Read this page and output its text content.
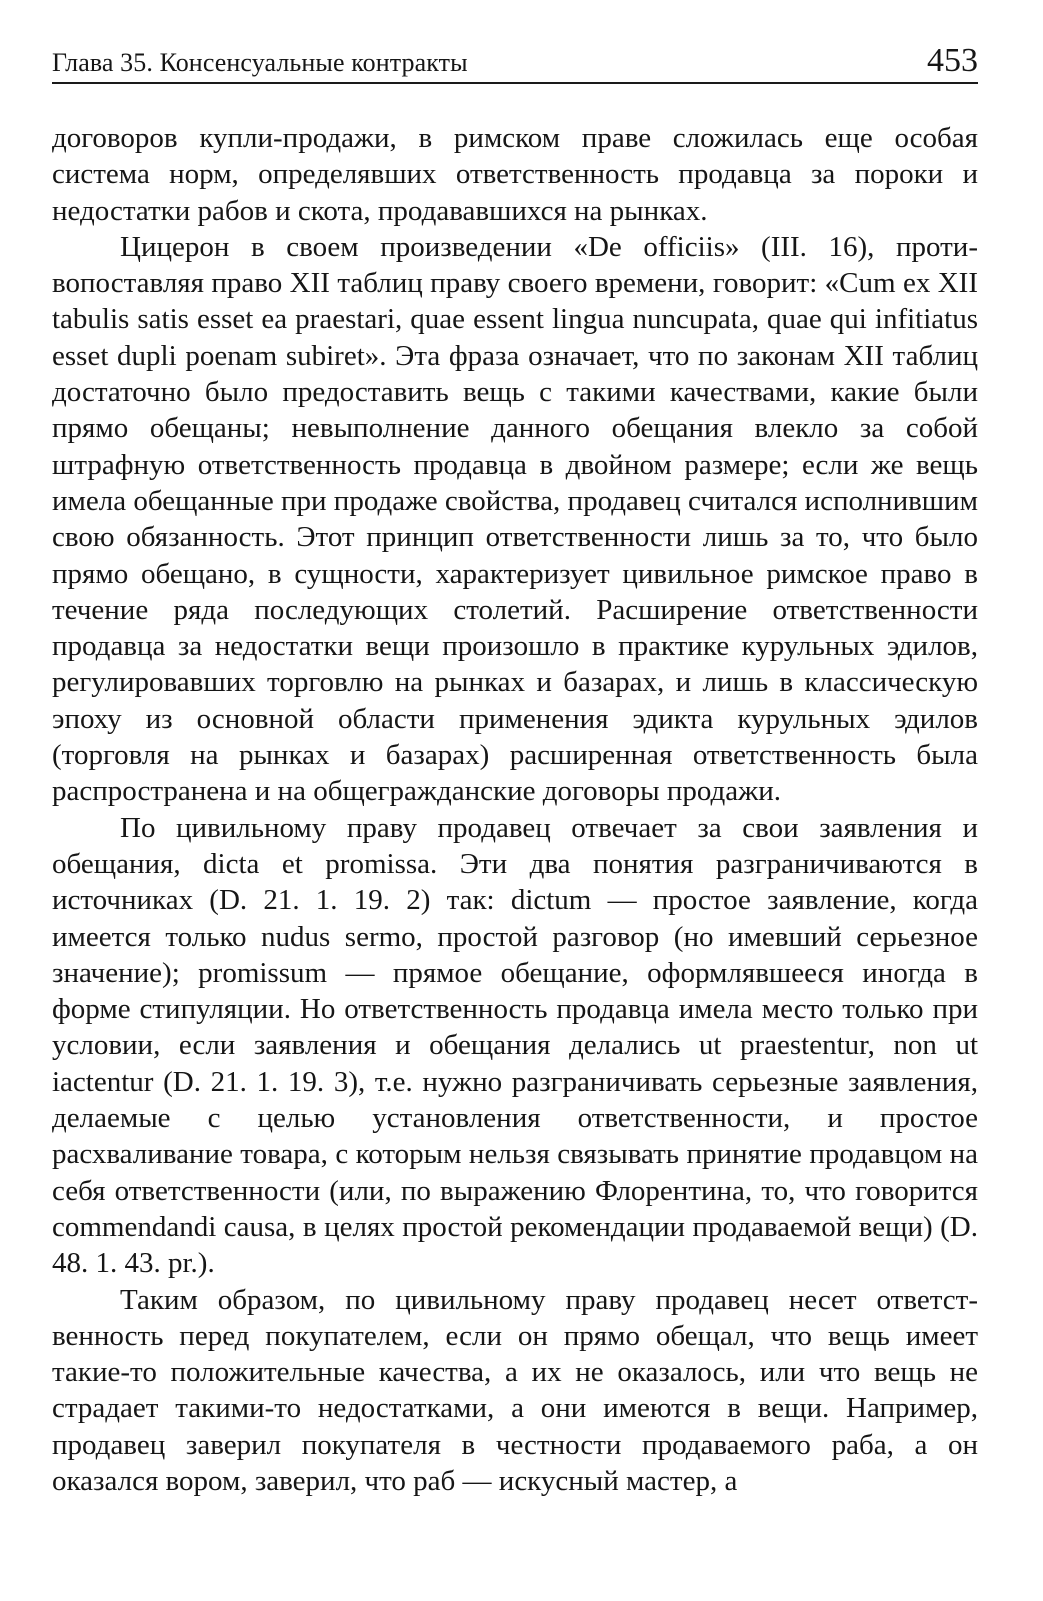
Глава 35. Консенсуальные контракты	453

договоров купли-продажи, в римском праве сложилась еще особая система норм, определявших ответственность продавца за пороки и недостатки рабов и скота, продававшихся на рынках.

Цицерон в своем произведении «De officiis» (III. 16), противопоставляя право XII таблиц праву своего времени, говорит: «Cum ex XII tabulis satis esset ea praestari, quae essent lingua nuncupata, quae qui infitiatus esset dupli poenam subiret». Эта фраза означает, что по законам XII таблиц достаточно было предоставить вещь с такими качествами, какие были прямо обещаны; невыполнение данного обещания влекло за собой штрафную ответственность продавца в двойном размере; если же вещь имела обещанные при продаже свойства, продавец считался исполнившим свою обязанность. Этот принцип ответственности лишь за то, что было прямо обещано, в сущности, характеризует цивильное римское право в течение ряда последующих столетий. Расширение ответственности продавца за недостатки вещи произошло в практике курульных эдилов, регулировавших торговлю на рынках и базарах, и лишь в классическую эпоху из основной области применения эдикта курульных эдилов (торговля на рынках и базарах) расширенная ответственность была распространена и на общегражданские договоры продажи.

По цивильному праву продавец отвечает за свои заявления и обещания, dicta et promissa. Эти два понятия разграничиваются в источниках (D. 21. 1. 19. 2) так: dictum — простое заявление, когда имеется только nudus sermo, простой разговор (но имевший серьезное значение); promissum — прямое обещание, оформлявшееся иногда в форме стипуляции. Но ответственность продавца имела место только при условии, если заявления и обещания делались ut praestentur, non ut iactentur (D. 21. 1. 19. 3), т.е. нужно разграничивать серьезные заявления, делаемые с целью установления ответственности, и простое расхваливание товара, с которым нельзя связывать принятие продавцом на себя ответственности (или, по выражению Флорентина, то, что говорится commendandi causa, в целях простой рекомендации продаваемой вещи) (D. 48. 1. 43. pr.).

Таким образом, по цивильному праву продавец несет ответственность перед покупателем, если он прямо обещал, что вещь имеет такие-то положительные качества, а их не оказалось, или что вещь не страдает такими-то недостатками, а они имеются в вещи. Например, продавец заверил покупателя в честности продаваемого раба, а он оказался вором, заверил, что раб — искусный мастер, а
